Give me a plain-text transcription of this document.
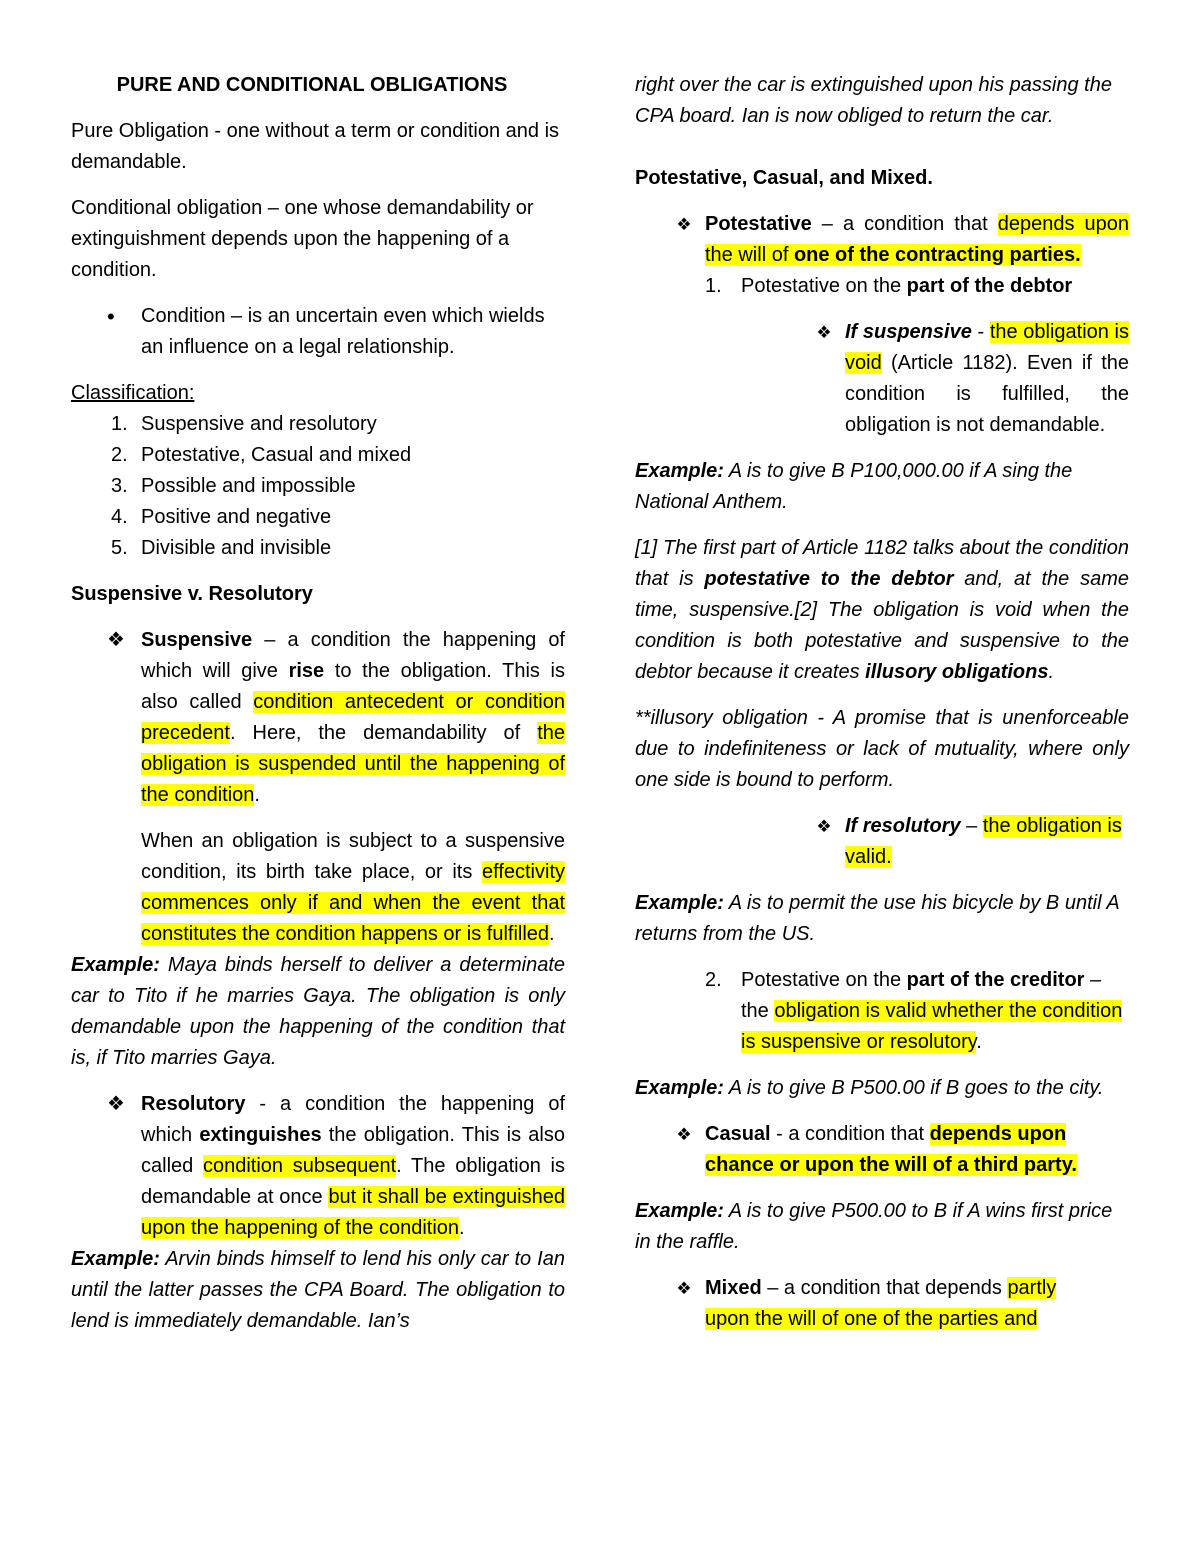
PURE AND CONDITIONAL OBLIGATIONS

Pure Obligation - one without a term or condition and is demandable.

Conditional obligation – one whose demandability or extinguishment depends upon the happening of a condition.

•	Condition – is an uncertain even which wields an influence on a legal relationship.
Classification:
1. Suspensive and resolutory
2. Potestative, Casual and mixed
3. Possible and impossible
4. Positive and negative
5. Divisible and invisible

Suspensive v. Resolutory

❖ Suspensive – a condition the happening of which will give rise to the obligation. This is also called condition antecedent or condition precedent. Here, the demandability of the obligation is suspended until the happening of the condition.

When an obligation is subject to a suspensive condition, its birth take place, or its effectivity commences only if and when the event that constitutes the condition happens or is fulfilled.

Example: Maya binds herself to deliver a determinate car to Tito if he marries Gaya. The obligation is only demandable upon the happening of the condition that is, if Tito marries Gaya.

❖ Resolutory - a condition the happening of which extinguishes the obligation. This is also called condition subsequent. The obligation is demandable at once but it shall be extinguished upon the happening of the condition.

Example: Arvin binds himself to lend his only car to Ian until the latter passes the CPA Board. The obligation to lend is immediately demandable. Ian’s

right over the car is extinguished upon his passing the CPA board. Ian is now obliged to return the car.

Potestative, Casual, and Mixed.

❖ Potestative – a condition that depends upon the will of one of the contracting parties.

1. Potestative on the part of the debtor
❖ If suspensive - the obligation is void (Article 1182). Even if the condition is fulfilled, the obligation is not demandable.

Example: A is to give B P100,000.00 if A sing the National Anthem.

[1] The first part of Article 1182 talks about the condition that is potestative to the debtor and, at the same time, suspensive.[2] The obligation is void when the condition is both potestative and suspensive to the debtor because it creates illusory obligations.

**illusory obligation - A promise that is unenforceable due to indefiniteness or lack of mutuality, where only one side is bound to perform.

❖ If resolutory – the obligation is valid.

Example: A is to permit the use his bicycle by B until A returns from the US.

2. Potestative on the part of the creditor – the obligation is valid whether the condition is suspensive or resolutory.

Example: A is to give B P500.00 if B goes to the city.

❖ Casual - a condition that depends upon chance or upon the will of a third party.

Example: A is to give P500.00 to B if A wins first price in the raffle.

❖ Mixed – a condition that depends partly upon the will of one of the parties and
